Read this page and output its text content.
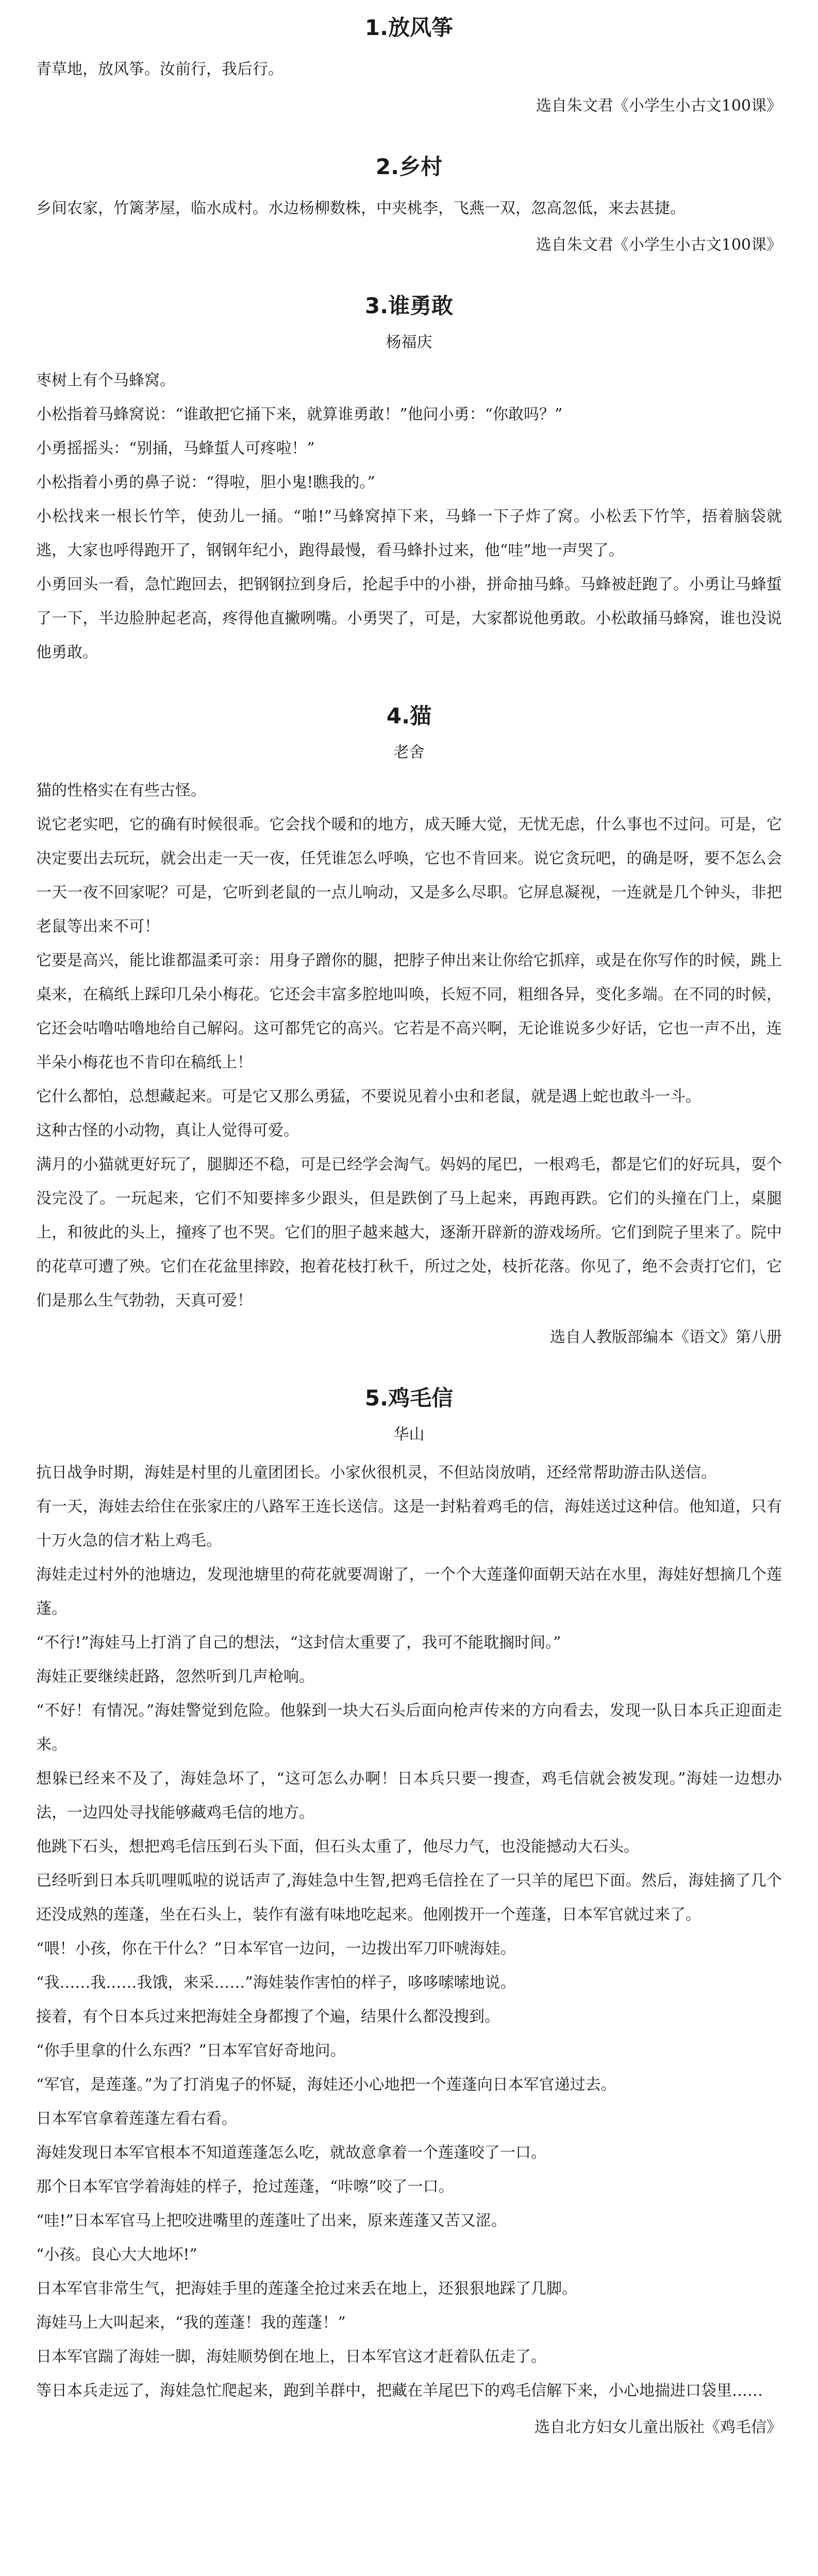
1.放风筝

青草地，放风筝。汝前行，我后行。

选自朱文君《小学生小古文100课》
2.乡村

乡间农家，竹篱茅屋，临水成村。水边杨柳数株，中夹桃李，飞燕一双，忽高忽低，来去甚捷。

选自朱文君《小学生小古文100课》
3.谁勇敢
杨福庆

枣树上有个马蜂窝。

小松指着马蜂窝说：“谁敢把它捅下来，就算谁勇敢！”他问小勇：“你敢吗？”

小勇摇摇头：“别捅，马蜂蜇人可疼啦！”

小松指着小勇的鼻子说：“得啦，胆小鬼!瞧我的。”

小松找来一根长竹竿，使劲儿一捅。“啪!”马蜂窝掉下来，马蜂一下子炸了窝。小松丢下竹竿，捂着脑袋就逃，大家也呼得跑开了，钢钢年纪小，跑得最慢，看马蜂扑过来，他“哇”地一声哭了。

小勇回头一看，急忙跑回去，把钢钢拉到身后，抡起手中的小褂，拼命抽马蜂。马蜂被赶跑了。小勇让马蜂蜇了一下，半边脸肿起老高，疼得他直撇咧嘴。小勇哭了，可是，大家都说他勇敢。小松敢捅马蜂窝，谁也没说他勇敢。

4.猫
老舍

猫的性格实在有些古怪。

说它老实吧，它的确有时候很乖。它会找个暖和的地方，成天睡大觉，无忧无虑，什么事也不过问。可是，它决定要出去玩玩，就会出走一天一夜，任凭谁怎么呼唤，它也不肯回来。说它贪玩吧，的确是呀，要不怎么会一天一夜不回家呢？可是，它听到老鼠的一点儿响动，又是多么尽职。它屏息凝视，一连就是几个钟头，非把老鼠等出来不可！

它要是高兴，能比谁都温柔可亲：用身子蹭你的腿，把脖子伸出来让你给它抓痒，或是在你写作的时候，跳上桌来，在稿纸上踩印几朵小梅花。它还会丰富多腔地叫唤，长短不同，粗细各异，变化多端。在不同的时候，它还会咕噜咕噜地给自己解闷。这可都凭它的高兴。它若是不高兴啊，无论谁说多少好话，它也一声不出，连半朵小梅花也不肯印在稿纸上！

它什么都怕，总想藏起来。可是它又那么勇猛，不要说见着小虫和老鼠，就是遇上蛇也敢斗一斗。

这种古怪的小动物，真让人觉得可爱。

满月的小猫就更好玩了，腿脚还不稳，可是已经学会淘气。妈妈的尾巴，一根鸡毛，都是它们的好玩具，耍个没完没了。一玩起来，它们不知要摔多少跟头，但是跌倒了马上起来，再跑再跌。它们的头撞在门上，桌腿上，和彼此的头上，撞疼了也不哭。它们的胆子越来越大，逐渐开辟新的游戏场所。它们到院子里来了。院中的花草可遭了殃。它们在花盆里摔跤，抱着花枝打秋千，所过之处，枝折花落。你见了，绝不会责打它们，它们是那么生气勃勃，天真可爱！

选自人教版部编本《语文》第八册
5.鸡毛信
华山

抗日战争时期，海娃是村里的儿童团团长。小家伙很机灵，不但站岗放哨，还经常帮助游击队送信。

有一天，海娃去给住在张家庄的八路军王连长送信。这是一封粘着鸡毛的信，海娃送过这种信。他知道，只有十万火急的信才粘上鸡毛。

海娃走过村外的池塘边，发现池塘里的荷花就要凋谢了，一个个大莲蓬仰面朝天站在水里，海娃好想摘几个莲蓬。

“不行!”海娃马上打消了自己的想法，“这封信太重要了，我可不能耽搁时间。”

海娃正要继续赶路，忽然听到几声枪响。

“不好！有情况。”海娃警觉到危险。他躲到一块大石头后面向枪声传来的方向看去，发现一队日本兵正迎面走来。

想躲已经来不及了，海娃急坏了，“这可怎么办啊！日本兵只要一搜查，鸡毛信就会被发现。”海娃一边想办法，一边四处寻找能够藏鸡毛信的地方。

他跳下石头，想把鸡毛信压到石头下面，但石头太重了，他尽力气，也没能撼动大石头。

已经听到日本兵叽哩呱啦的说话声了,海娃急中生智,把鸡毛信拴在了一只羊的尾巴下面。然后，海娃摘了几个还没成熟的莲蓬，坐在石头上，装作有滋有味地吃起来。他刚拨开一个莲蓬，日本军官就过来了。

“喂！小孩，你在干什么？”日本军官一边问，一边拨出军刀吓唬海娃。

“我……我……我饿，来采……”海娃装作害怕的样子，哆哆嗦嗦地说。

接着，有个日本兵过来把海娃全身都搜了个遍，结果什么都没搜到。

“你手里拿的什么东西？”日本军官好奇地问。

“军官，是莲蓬。”为了打消鬼子的怀疑，海娃还小心地把一个莲蓬向日本军官递过去。

日本军官拿着莲蓬左看右看。

海娃发现日本军官根本不知道莲蓬怎么吃，就故意拿着一个莲蓬咬了一口。

那个日本军官学着海娃的样子，抢过莲蓬，“咔嚓”咬了一口。

“哇!”日本军官马上把咬进嘴里的莲蓬吐了出来，原来莲蓬又苦又涩。

“小孩。良心大大地坏!”

日本军官非常生气，把海娃手里的莲蓬全抢过来丢在地上，还狠狠地踩了几脚。

海娃马上大叫起来，“我的莲蓬！我的莲蓬！”

日本军官踹了海娃一脚，海娃顺势倒在地上，日本军官这才赶着队伍走了。

等日本兵走远了，海娃急忙爬起来，跑到羊群中，把藏在羊尾巴下的鸡毛信解下来，小心地揣进口袋里……

选自北方妇女儿童出版社《鸡毛信》
